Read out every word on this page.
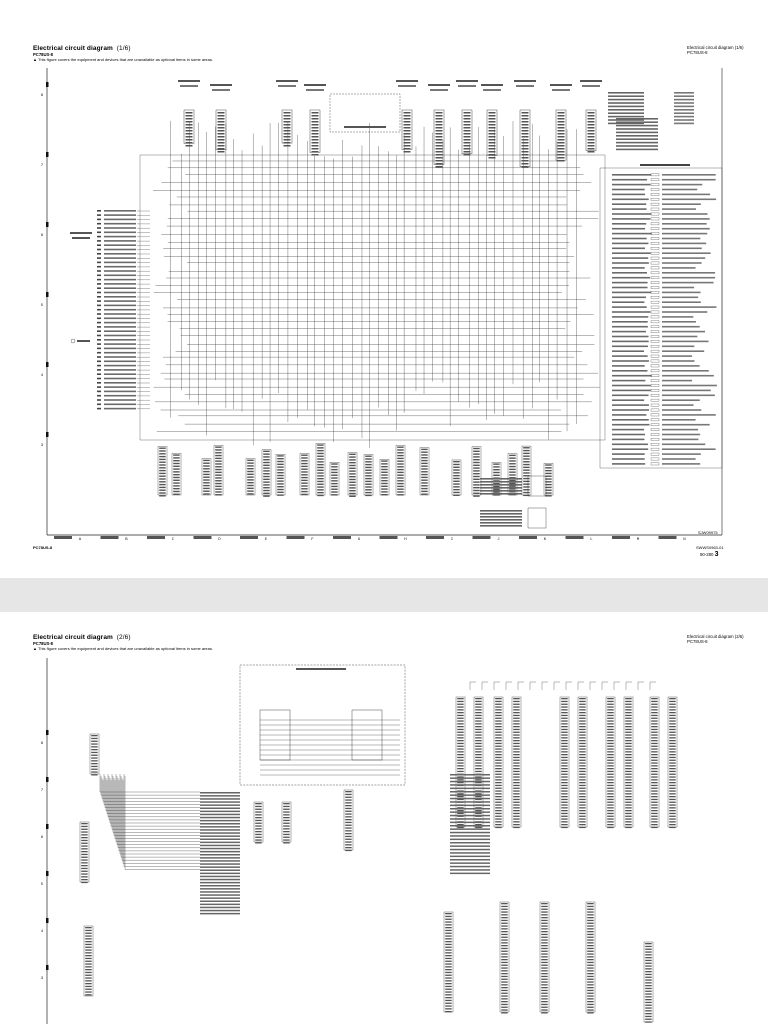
Electrical circuit diagram (1/6)
PC78US-8
▲ This figure covers the equipment and devices that are unavailable as optional items in some areas.
Electrical circuit diagram (1/6)
PC78US-8
8
7
6
5
4
3
A	B	C	D	E	F	G	H	I	J	K	L	M	N
PC78US-8
SJW09975
SWWS0963-01
90-280 3
Electrical circuit diagram (2/6)
PC78US-8
▲ This figure covers the equipment and devices that are unavailable as optional items in some areas.
Electrical circuit diagram (2/6)
PC78US-8
8
7
6
5
4
3
